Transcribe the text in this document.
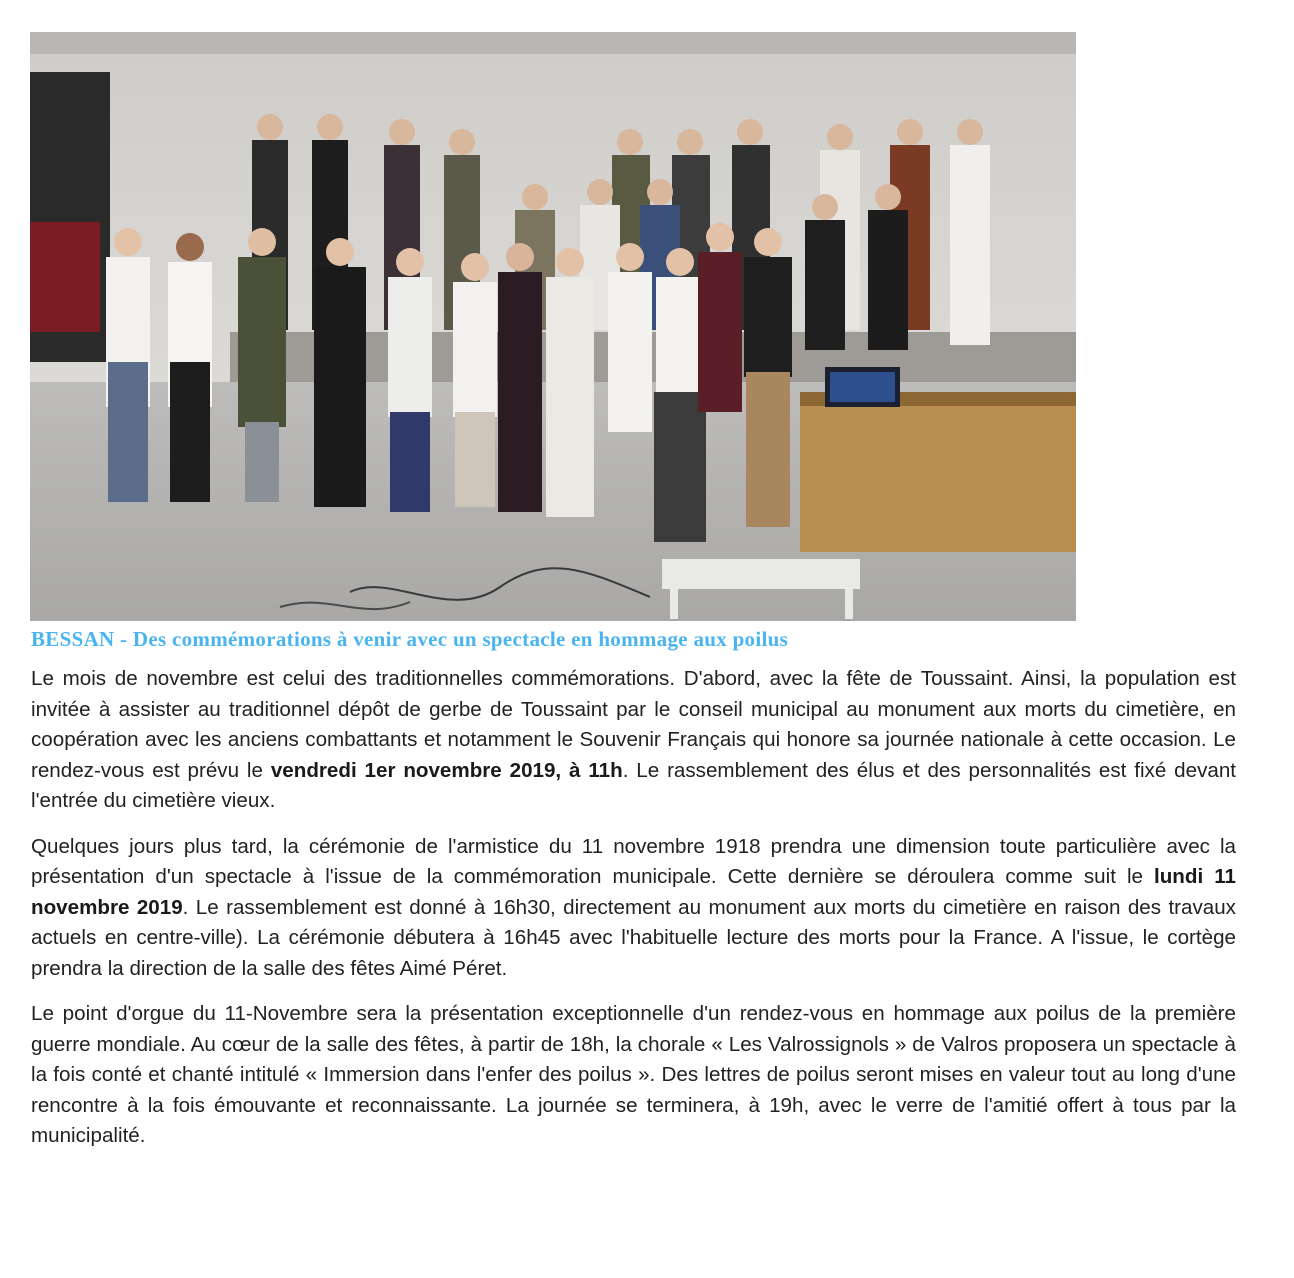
BESSAN - Des commémorations à venir avec un spectacle en hommage aux poilus

Le mois de novembre est celui des traditionnelles commémorations. D'abord, avec la fête de Toussaint. Ainsi, la population est invitée à assister au traditionnel dépôt de gerbe de Toussaint par le conseil municipal au monument aux morts du cimetière, en coopération avec les anciens combattants et notamment le Souvenir Français qui honore sa journée nationale à cette occasion. Le rendez-vous est prévu le vendredi 1er novembre 2019, à 11h. Le rassemblement des élus et des personnalités est fixé devant l'entrée du cimetière vieux.

Quelques jours plus tard, la cérémonie de l'armistice du 11 novembre 1918 prendra une dimension toute particulière avec la présentation d'un spectacle à l'issue de la commémoration municipale. Cette dernière se déroulera comme suit le lundi 11 novembre 2019. Le rassemblement est donné à 16h30, directement au monument aux morts du cimetière en raison des travaux actuels en centre-ville). La cérémonie débutera à 16h45 avec l'habituelle lecture des morts pour la France. A l'issue, le cortège prendra la direction de la salle des fêtes Aimé Péret.

Le point d'orgue du 11-Novembre sera la présentation exceptionnelle d'un rendez-vous en hommage aux poilus de la première guerre mondiale. Au cœur de la salle des fêtes, à partir de 18h, la chorale « Les Valrossignols » de Valros proposera un spectacle à la fois conté et chanté intitulé « Immersion dans l'enfer des poilus ». Des lettres de poilus seront mises en valeur tout au long d'une rencontre à la fois émouvante et reconnaissante. La journée se terminera, à 19h, avec le verre de l'amitié offert à tous par la municipalité.
